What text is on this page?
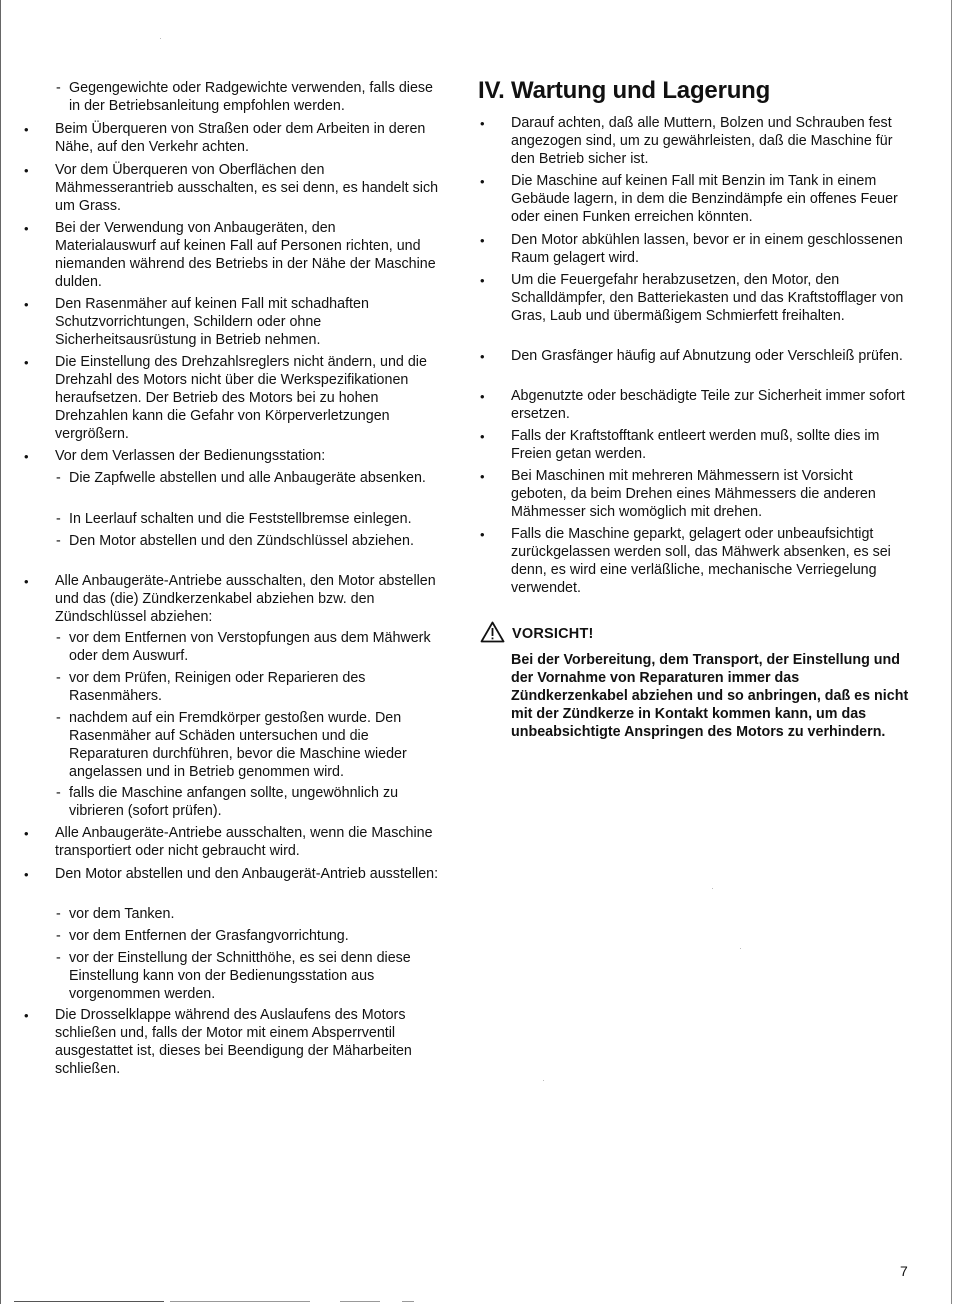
- Gegengewichte oder Radgewichte verwenden, falls diese in der Betriebsanleitung empfohlen werden.

• Beim Überqueren von Straßen oder dem Arbeiten in deren Nähe, auf den Verkehr achten.

• Vor dem Überqueren von Oberflächen den Mähmesserantrieb ausschalten, es sei denn, es handelt sich um Grass.

• Bei der Verwendung von Anbaugeräten, den Materialauswurf auf keinen Fall auf Personen richten, und niemanden während des Betriebs in der Nähe der Maschine dulden.

• Den Rasenmäher auf keinen Fall mit schadhaften Schutzvorrichtungen, Schildern oder ohne Sicherheitsausrüstung in Betrieb nehmen.

• Die Einstellung des Drehzahlsreglers nicht ändern, und die Drehzahl des Motors nicht über die Werkspezifikationen heraufsetzen. Der Betrieb des Motors bei zu hohen Drehzahlen kann die Gefahr von Körperverletzungen vergrößern.

• Vor dem Verlassen der Bedienungsstation:

- Die Zapfwelle abstellen und alle Anbaugeräte absenken.

- In Leerlauf schalten und die Feststellbremse einlegen.

- Den Motor abstellen und den Zündschlüssel abziehen.

• Alle Anbaugeräte-Antriebe ausschalten, den Motor abstellen und das (die) Zündkerzenkabel abziehen bzw. den Zündschlüssel abziehen:

- vor dem Entfernen von Verstopfungen aus dem Mähwerk oder dem Auswurf.

- vor dem Prüfen, Reinigen oder Reparieren des Rasenmähers.

- nachdem auf ein Fremdkörper gestoßen wurde. Den Rasenmäher auf Schäden untersuchen und die Reparaturen durchführen, bevor die Maschine wieder angelassen und in Betrieb genommen wird.

- falls die Maschine anfangen sollte, ungewöhnlich zu vibrieren (sofort prüfen).

• Alle Anbaugeräte-Antriebe ausschalten, wenn die Maschine transportiert oder nicht gebraucht wird.

• Den Motor abstellen und den Anbaugerät-Antrieb ausstellen:

- vor dem Tanken.

- vor dem Entfernen der Grasfangvorrichtung.

- vor der Einstellung der Schnitthöhe, es sei denn diese Einstellung kann von der Bedienungsstation aus vorgenommen werden.

• Die Drosselklappe während des Auslaufens des Motors schließen und, falls der Motor mit einem Absperrventil ausgestattet ist, dieses bei Beendigung der Mäharbeiten schließen.

IV. Wartung und Lagerung

• Darauf achten, daß alle Muttern, Bolzen und Schrauben fest angezogen sind, um zu gewährleisten, daß die Maschine für den Betrieb sicher ist.

• Die Maschine auf keinen Fall mit Benzin im Tank in einem Gebäude lagern, in dem die Benzindämpfe ein offenes Feuer oder einen Funken erreichen könnten.

• Den Motor abkühlen lassen, bevor er in einem geschlossenen Raum gelagert wird.

• Um die Feuergefahr herabzusetzen, den Motor, den Schalldämpfer, den Batteriekasten und das Kraftstofflager von Gras, Laub und übermäßigem Schmierfett freihalten.

• Den Grasfänger häufig auf Abnutzung oder Verschleiß prüfen.

• Abgenutzte oder beschädigte Teile zur Sicherheit immer sofort ersetzen.

• Falls der Kraftstofftank entleert werden muß, sollte dies im Freien getan werden.

• Bei Maschinen mit mehreren Mähmessern ist Vorsicht geboten, da beim Drehen eines Mähmessers die anderen Mähmesser sich womöglich mit drehen.

• Falls die Maschine geparkt, gelagert oder unbeaufsichtigt zurückgelassen werden soll, das Mähwerk absenken, es sei denn, es wird eine verläßliche, mechanische Verriegelung verwendet.

VORSICHT!

Bei der Vorbereitung, dem Transport, der Einstellung und der Vornahme von Reparaturen immer das Zündkerzenkabel abziehen und so anbringen, daß es nicht mit der Zündkerze in Kontakt kommen kann, um das unbeabsichtigte Anspringen des Motors zu verhindern.

7
